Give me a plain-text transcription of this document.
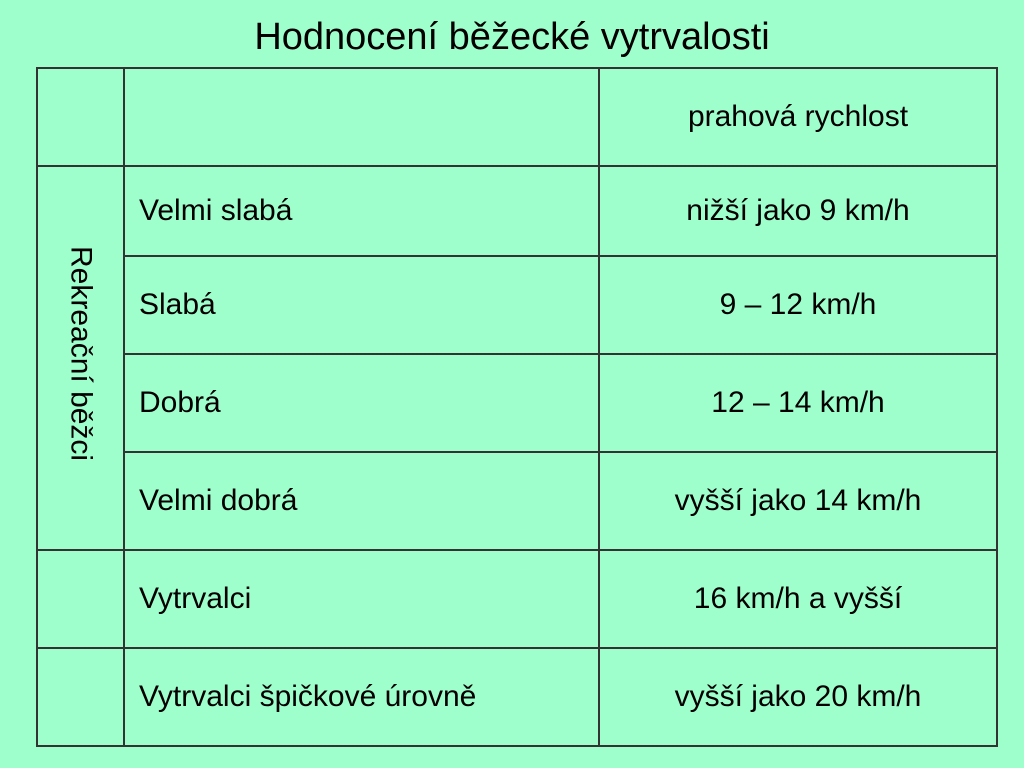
Hodnocení běžecké vytrvalosti
		prahová rychlost
Rekreační běžci	Velmi slabá	nižší jako 9 km/h
	Slabá	9 – 12 km/h
	Dobrá	12 – 14 km/h
	Velmi dobrá	vyšší jako 14 km/h
	Vytrvalci	16 km/h a vyšší
	Vytrvalci špičkové úrovně	vyšší jako 20 km/h
